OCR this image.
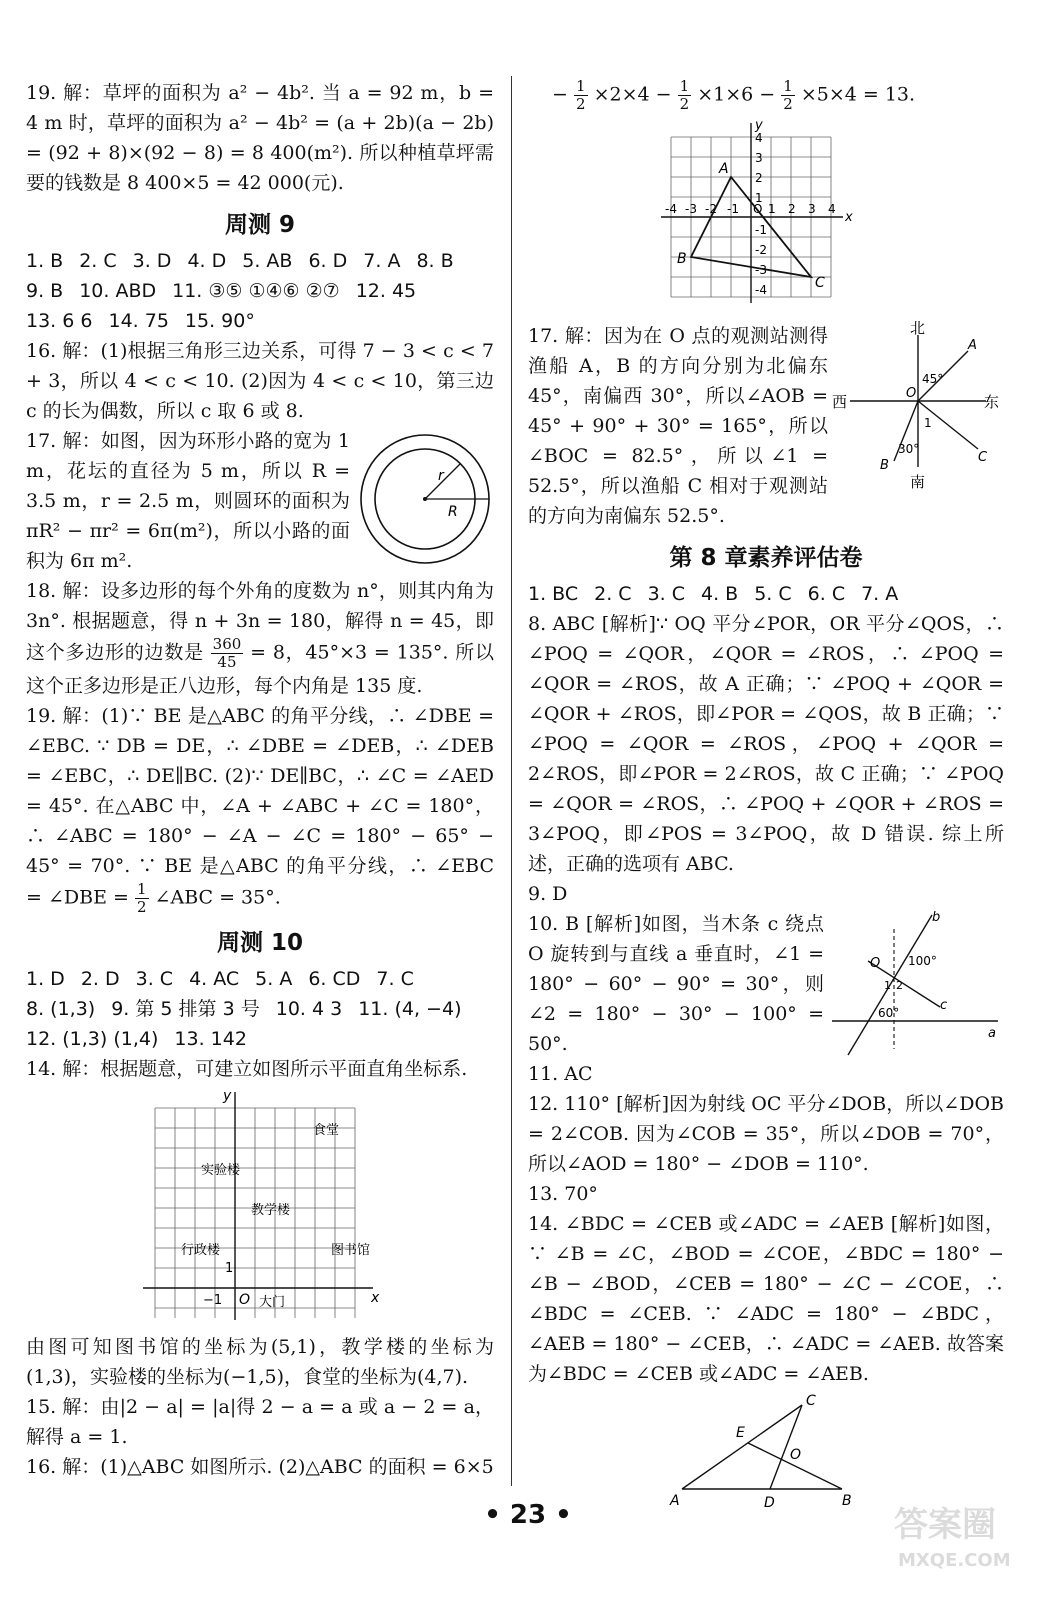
19. 解：草坪的面积为 a² − 4b². 当 a = 92 m，b = 4 m 时，草坪的面积为 a² − 4b² = (a + 2b)(a − 2b) = (92 + 8)×(92 − 8) = 8 400(m²). 所以种植草坪需要的钱数是 8 400×5 = 42 000(元).

周测 9
1. B 2. C 3. D 4. D 5. AB 6. D 7. A 8. B
9. B 10. ABD 11. ③⑤ ①④⑥ ②⑦ 12. 45
13. 6 6 14. 75 15. 90°

16. 解：(1)根据三角形三边关系，可得 7 − 3 < c < 7 + 3，所以 4 < c < 10. (2)因为 4 < c < 10，第三边 c 的长为偶数，所以 c 取 6 或 8.

17. 解：如图，因为环形小路的宽为 1 m，花坛的直径为 5 m，所以 R = 3.5 m，r = 2.5 m，则圆环的面积为 πR² − πr² = 6π(m²)，所以小路的面积为 6π m².

r
R

18. 解：设多边形的每个外角的度数为 n°，则其内角为 3n°. 根据题意，得 n + 3n = 180，解得 n = 45，即这个多边形的边数是 $\frac{360}{45} = 8$，45°×3 = 135°. 所以这个正多边形是正八边形，每个内角是 135 度.

19. 解：(1)∵ BE 是△ABC 的角平分线，∴ ∠DBE = ∠EBC. ∵ DB = DE，∴ ∠DBE = ∠DEB，∴ ∠DEB = ∠EBC，∴ DE∥BC. (2)∵ DE∥BC，∴ ∠C = ∠AED = 45°. 在△ABC 中，∠A + ∠ABC + ∠C = 180°，∴ ∠ABC = 180° − ∠A − ∠C = 180° − 65° − 45° = 70°. ∵ BE 是△ABC 的角平分线，∴ ∠EBC = ∠DBE = $\frac{1}{2}$ ∠ABC = 35°.

周测 10
1. D 2. D 3. C 4. AC 5. A 6. CD 7. C
8. (1,3) 9. 第 5 排第 3 号 10. 4 3 11. (4, −4)
12. (1,3) (1,4) 13. 142

14. 解：根据题意，可建立如图所示平面直角坐标系.

y
x
O
1
−1
食堂
实验楼
教学楼
行政楼	图书馆
大门

由图可知图书馆的坐标为(5,1)，教学楼的坐标为(1,3)，实验楼的坐标为(−1,5)，食堂的坐标为(4,7).

15. 解：由|2 − a| = |a|得 2 − a = a 或 a − 2 = a，解得 a = 1.

16. 解：(1)△ABC 如图所示. (2)△ABC 的面积 = 6×5

− $\frac{1}{2} \times 2\times 4 - \frac{1}{2} \times 1\times 6 - \frac{1}{2} \times 5\times 4 = 13$.

y
x
O
-4 -3 -2 -1 1 2 3 4
4
3
2
1
-1
-2
-3
-4
A
B
C

17. 解：因为在 O 点的观测站测得渔船 A，B 的方向分别为北偏东 45°，南偏西 30°，所以∠AOB = 45° + 90° + 30° = 165°，所以∠BOC = 82.5°，所以∠1 = 52.5°，所以渔船 C 相对于观测站的方向为南偏东 52.5°.

北
南
东
西
45°
30°
1
A
B
C
O
第 8 章素养评估卷
1. BC 2. C 3. C 4. B 5. C 6. C 7. A

8. ABC [解析]∵ OQ 平分∠POR，OR 平分∠QOS，∴ ∠POQ = ∠QOR，∠QOR = ∠ROS，∴ ∠POQ = ∠QOR = ∠ROS，故 A 正确；∵ ∠POQ + ∠QOR = ∠QOR + ∠ROS，即∠POR = ∠QOS，故 B 正确；∵ ∠POQ = ∠QOR = ∠ROS，∠POQ + ∠QOR = 2∠ROS，即∠POR = 2∠ROS，故 C 正确；∵ ∠POQ = ∠QOR = ∠ROS，∴ ∠POQ + ∠QOR + ∠ROS = 3∠POQ，即∠POS = 3∠POQ，故 D 错误. 综上所述，正确的选项有 ABC.

9. D

10. B [解析]如图，当木条 c 绕点 O 旋转到与直线 a 垂直时，∠1 = 180° − 60° − 90° = 30°，则∠2 = 180° − 30° − 100° = 50°.	a
b
c
O 100°
60°
1 2

11. AC

12. 110° [解析]因为射线 OC 平分∠DOB，所以∠DOB = 2∠COB. 因为∠COB = 35°，所以∠DOB = 70°，所以∠AOD = 180° − ∠DOB = 110°.

13. 70°

14. ∠BDC = ∠CEB 或∠ADC = ∠AEB [解析]如图，∵ ∠B = ∠C，∠BOD = ∠COE，∠BDC = 180° − ∠B − ∠BOD，∠CEB = 180° − ∠C − ∠COE，∴ ∠BDC = ∠CEB. ∵ ∠ADC = 180° − ∠BDC，∠AEB = 180° − ∠CEB，∴ ∠ADC = ∠AEB. 故答案为∠BDC = ∠CEB 或∠ADC = ∠AEB.

A	B
C
D
E
O
• 23 •	答案圈
MXQE.COM
